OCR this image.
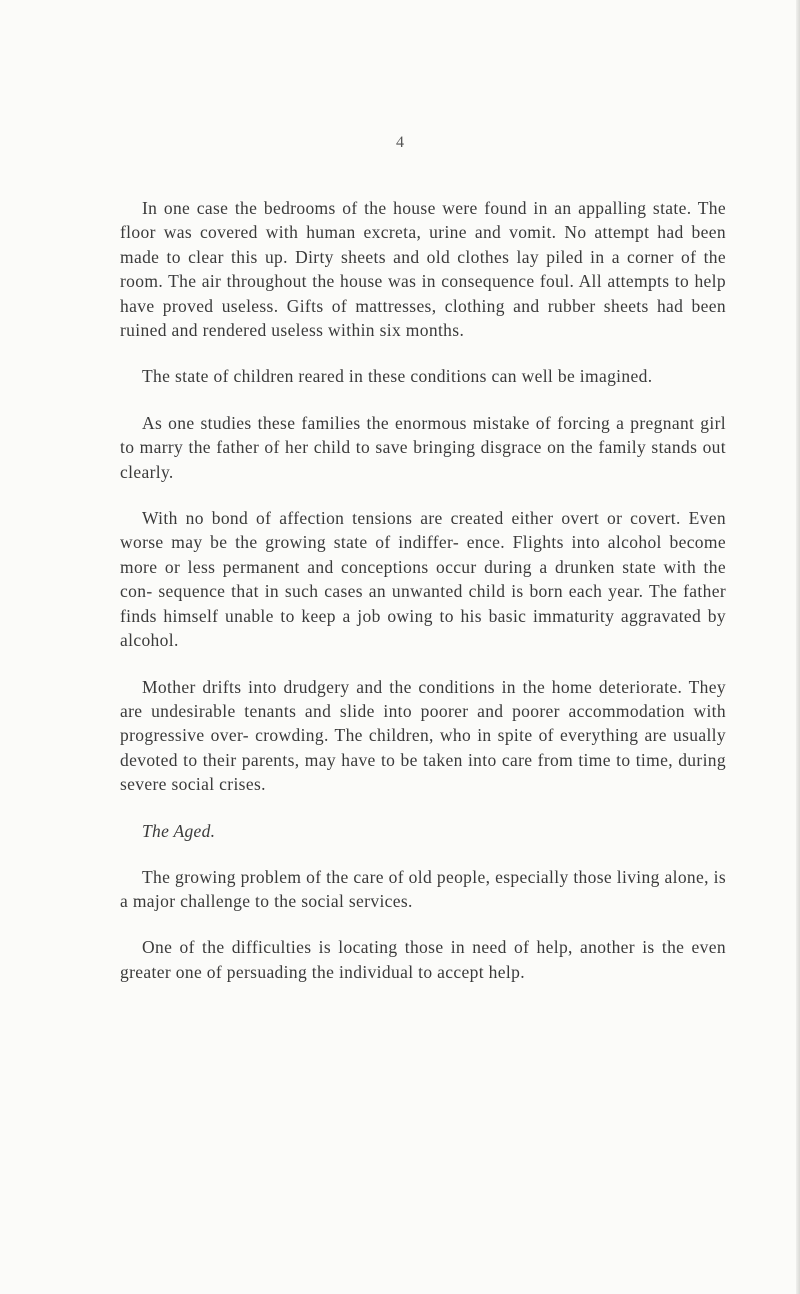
4

In one case the bedrooms of the house were found in an appalling state. The floor was covered with human excreta, urine and vomit. No attempt had been made to clear this up. Dirty sheets and old clothes lay piled in a corner of the room. The air throughout the house was in consequence foul. All attempts to help have proved useless. Gifts of mattresses, clothing and rubber sheets had been ruined and rendered useless within six months.

The state of children reared in these conditions can well be imagined.

As one studies these families the enormous mistake of forcing a pregnant girl to marry the father of her child to save bringing disgrace on the family stands out clearly.

With no bond of affection tensions are created either overt or covert. Even worse may be the growing state of indiffer- ence. Flights into alcohol become more or less permanent and conceptions occur during a drunken state with the con- sequence that in such cases an unwanted child is born each year. The father finds himself unable to keep a job owing to his basic immaturity aggravated by alcohol.

Mother drifts into drudgery and the conditions in the home deteriorate. They are undesirable tenants and slide into poorer and poorer accommodation with progressive over- crowding. The children, who in spite of everything are usually devoted to their parents, may have to be taken into care from time to time, during severe social crises.

The Aged.

The growing problem of the care of old people, especially those living alone, is a major challenge to the social services.

One of the difficulties is locating those in need of help, another is the even greater one of persuading the individual to accept help.
